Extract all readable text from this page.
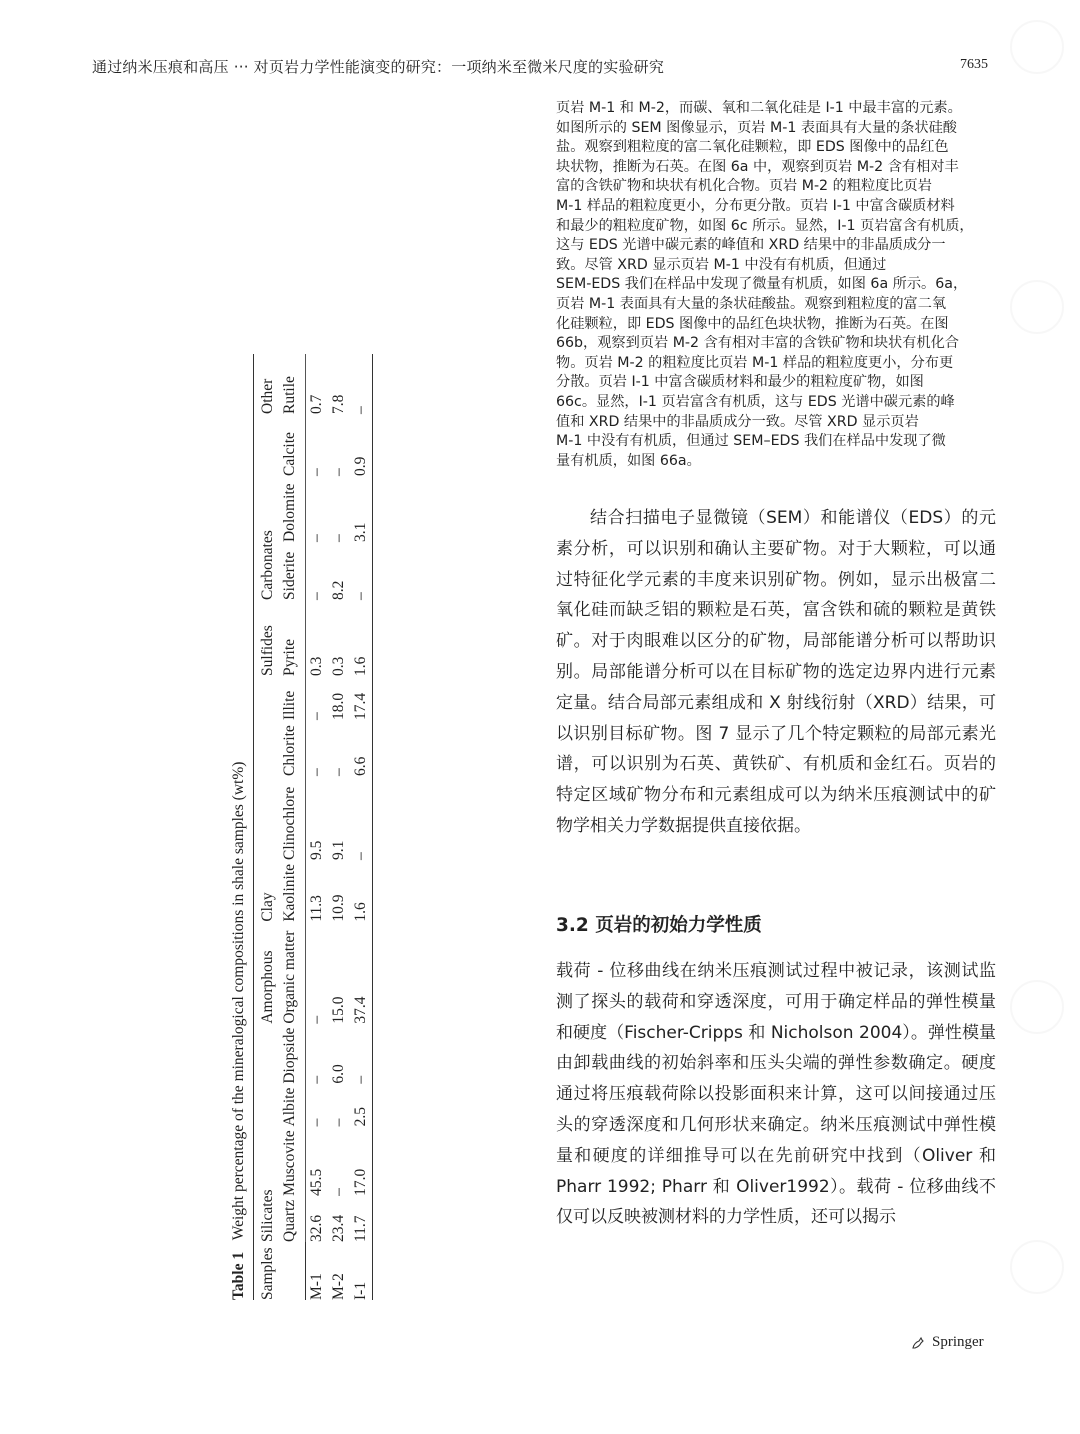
通过纳米压痕和高压 ··· 对页岩力学性能演变的研究：一项纳米至微米尺度的实验研究	7635
Table 1 Weight percentage of the mineralogical compositions in shale samples (wt%)
Samples	Silicates				Amorphous	Clay				Sulfides	Carbonates			Other
	Quartz	Muscovite	Albite	Diopside	Organic matter	Kaolinite	Clinochlore	Chlorite	Illite	Pyrite	Siderite	Dolomite	Calcite	Rutile
M-1	32.6	45.5	–	–	–	11.3	9.5	–	–	0.3	–	–	–	0.7
M-2	23.4	–	–	6.0	15.0	10.9	9.1	–	18.0	0.3	8.2	–	–	7.8
I-1	11.7	17.0	2.5	–	37.4	1.6	–	6.6	17.4	1.6	–	3.1	0.9	–
页岩 M-1 和 M-2，而碳、氧和二氧化硅是 I-1 中最丰富的元素。
如图所示的 SEM 图像显示，页岩 M-1 表面具有大量的条状硅酸
盐。观察到粗粒度的富二氧化硅颗粒，即 EDS 图像中的品红色
块状物，推断为石英。在图 6a 中，观察到页岩 M-2 含有相对丰
富的含铁矿物和块状有机化合物。页岩 M-2 的粗粒度比页岩
M-1 样品的粗粒度更小，分布更分散。页岩 I-1 中富含碳质材料
和最少的粗粒度矿物，如图 6c 所示。显然，I-1 页岩富含有机质，
这与 EDS 光谱中碳元素的峰值和 XRD 结果中的非晶质成分一
致。尽管 XRD 显示页岩 M-1 中没有有机质，但通过
SEM-EDS 我们在样品中发现了微量有机质，如图 6a 所示。6a，
页岩 M-1 表面具有大量的条状硅酸盐。观察到粗粒度的富二氧
化硅颗粒，即 EDS 图像中的品红色块状物，推断为石英。在图
66b，观察到页岩 M-2 含有相对丰富的含铁矿物和块状有机化合
物。页岩 M-2 的粗粒度比页岩 M-1 样品的粗粒度更小，分布更
分散。页岩 I-1 中富含碳质材料和最少的粗粒度矿物，如图
66c。显然，I-1 页岩富含有机质，这与 EDS 光谱中碳元素的峰
值和 XRD 结果中的非晶质成分一致。尽管 XRD 显示页岩
M-1 中没有有机质，但通过 SEM–EDS 我们在样品中发现了微
量有机质，如图 66a。
结合扫描电子显微镜（SEM）和能谱仪（EDS）的元素分析，可以识别和确认主要矿物。对于大颗粒，可以通过特征化学元素的丰度来识别矿物。例如，显示出极富二氧化硅而缺乏铝的颗粒是石英，富含铁和硫的颗粒是黄铁矿。对于肉眼难以区分的矿物，局部能谱分析可以帮助识别。局部能谱分析可以在目标矿物的选定边界内进行元素定量。结合局部元素组成和 X 射线衍射（XRD）结果，可以识别目标矿物。图 7 显示了几个特定颗粒的局部元素光谱，可以识别为石英、黄铁矿、有机质和金红石。页岩的特定区域矿物分布和元素组成可以为纳米压痕测试中的矿物学相关力学数据提供直接依据。
3.2 页岩的初始力学性质
载荷 - 位移曲线在纳米压痕测试过程中被记录，该测试监测了探头的载荷和穿透深度，可用于确定样品的弹性模量和硬度（Fischer-Cripps 和 Nicholson 2004）。弹性模量由卸载曲线的初始斜率和压头尖端的弹性参数确定。硬度通过将压痕载荷除以投影面积来计算，这可以间接通过压头的穿透深度和几何形状来确定。纳米压痕测试中弹性模量和硬度的详细推导可以在先前研究中找到（Oliver 和 Pharr 1992; Pharr 和 Oliver1992）。载荷 - 位移曲线不仅可以反映被测材料的力学性质，还可以揭示
Springer
